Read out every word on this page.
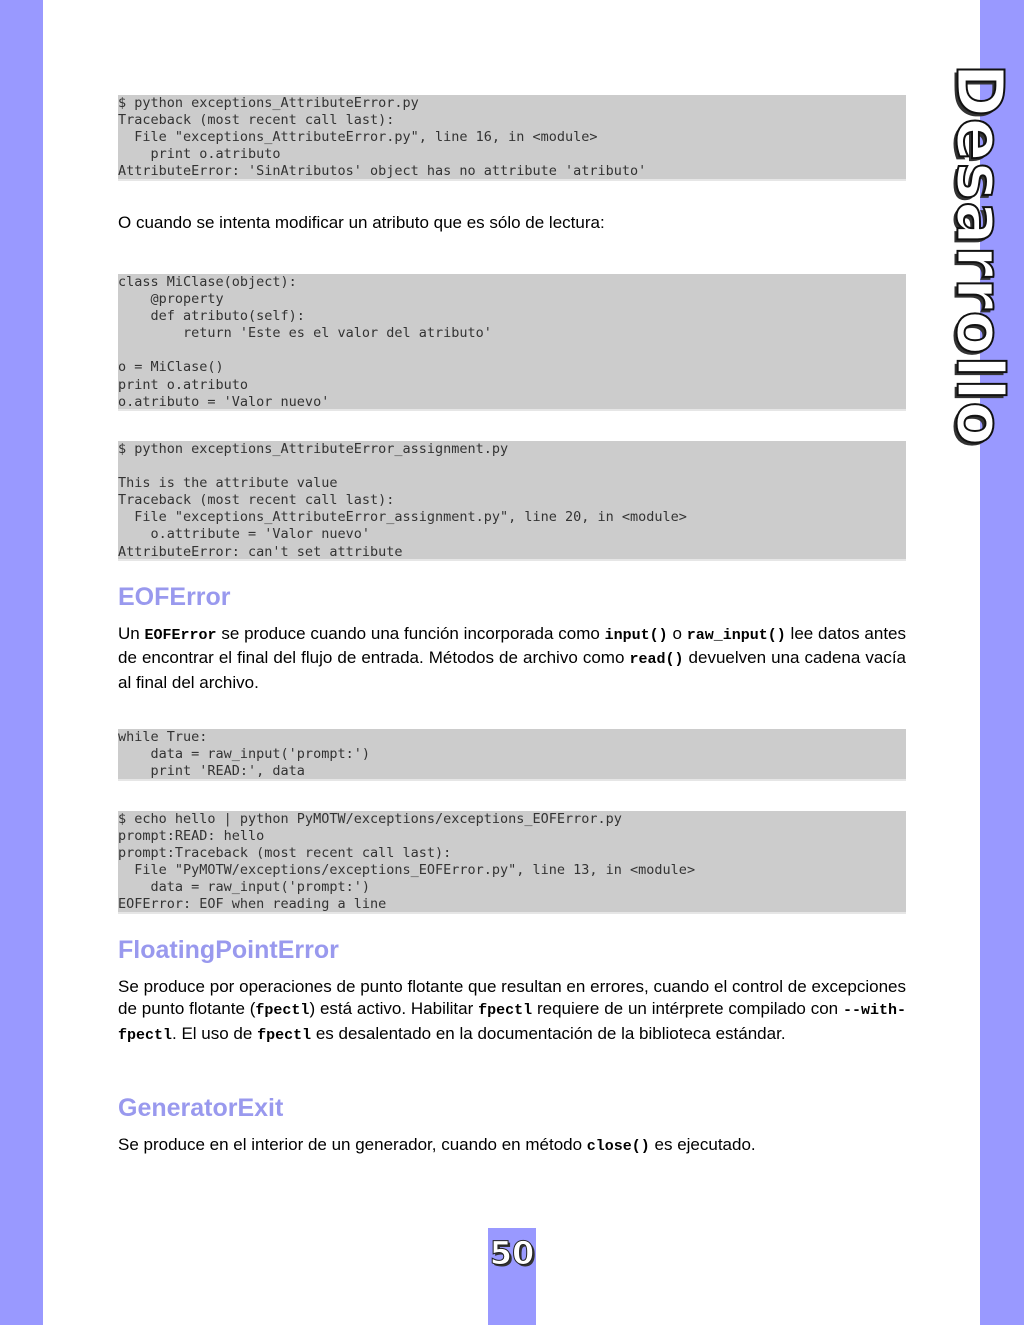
Desarrollo
$ python exceptions_AttributeError.py
Traceback (most recent call last):
File "exceptions_AttributeError.py", line 16, in <module>
print o.atributo
AttributeError: 'SinAtributos' object has no attribute 'atributo'

O cuando se intenta modificar un atributo que es sólo de lectura:

class MiClase(object):
@property
def atributo(self):
return 'Este es el valor del atributo'

o = MiClase()
print o.atributo
o.atributo = 'Valor nuevo'
$ python exceptions_AttributeError_assignment.py

This is the attribute value
Traceback (most recent call last):
File "exceptions_AttributeError_assignment.py", line 20, in <module>
o.attribute = 'Valor nuevo'
AttributeError: can't set attribute
EOFError

Un EOFError se produce cuando una función incorporada como input() o raw_input() lee datos antes de encontrar el final del flujo de entrada. Métodos de archivo como read() devuelven una cadena vacía al final del archivo.

while True:
data = raw_input('prompt:')
print 'READ:', data
$ echo hello | python PyMOTW/exceptions/exceptions_EOFError.py
prompt:READ: hello
prompt:Traceback (most recent call last):
File "PyMOTW/exceptions/exceptions_EOFError.py", line 13, in <module>
data = raw_input('prompt:')
EOFError: EOF when reading a line
FloatingPointError

Se produce por operaciones de punto flotante que resultan en errores, cuando el control de excepciones de punto flotante (fpectl) está activo. Habilitar fpectl requiere de un intérprete compilado con --with-fpectl. El uso de fpectl es desalentado en la documentación de la biblioteca estándar.

GeneratorExit

Se produce en el interior de un generador, cuando en método close() es ejecutado.

50
